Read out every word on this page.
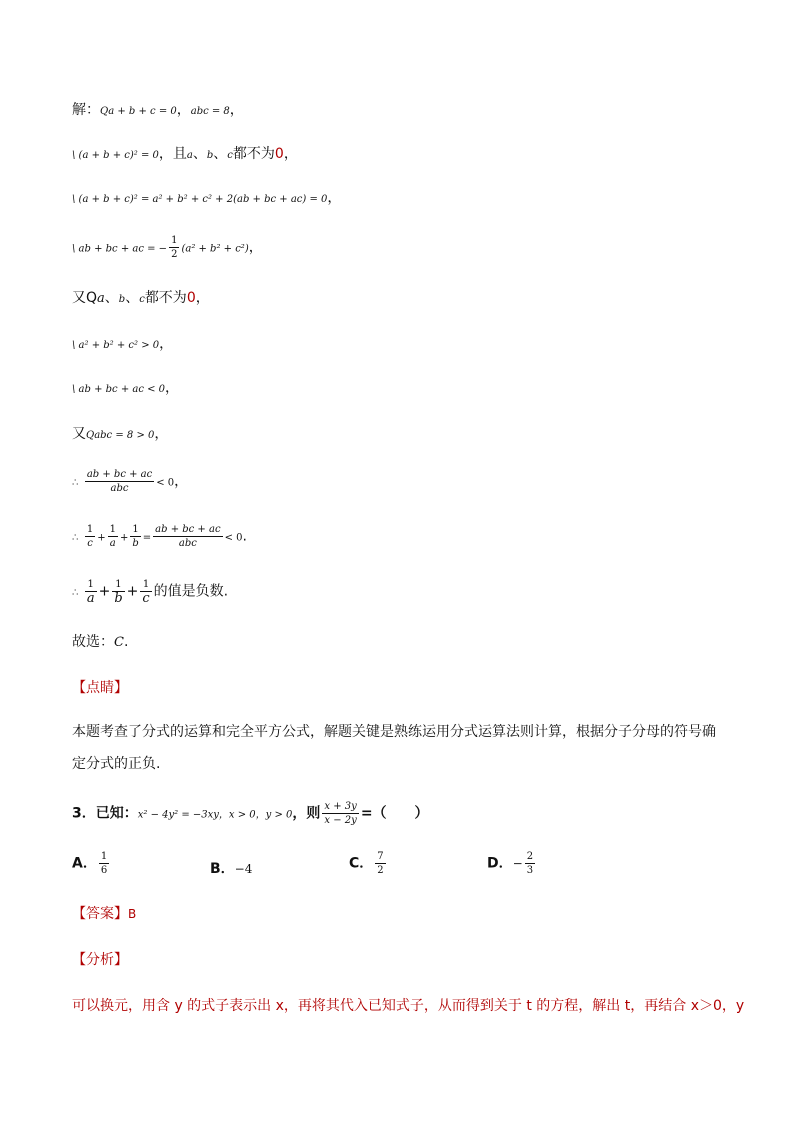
解：Qa + b + c = 0，abc = 8，
\ (a + b + c)² = 0，且a、b、c都不为0，
\ (a + b + c)² = a² + b² + c² + 2(ab + bc + ac) = 0，
\ ab + bc + ac = − $\frac{1}{2} (a^2 + b^2 + c^2)$，
又Qa、b、c都不为0，
\ a² + b² + c² > 0，
\ ab + bc + ac < 0，
又Qabc = 8 > 0，
∴ $\frac{ab + bc + ac}{\text{abc}} < 0$，
∴ $\frac{1}{c} + \frac{1}{a} + \frac{1}{b} = \frac{ab + bc + ac}{\text{abc}} < 0$.
∴ $\frac{1}{a} + \frac{1}{b} + \frac{1}{c}$ 的值是负数.
故选：C.
【点睛】
本题考查了分式的运算和完全平方公式，解题关键是熟练运用分式运算法则计算，根据分子分母的符号确
定分式的正负.
3．已知：x² − 4y² = −3xy，x > 0，y > 0，则 $\frac{x + 3y}{x - 2y}$ =（　　）
A． $\frac{1}{6}$	B．−4	C． $\frac{7}{2}$	D．− $\frac{2}{3}$
【答案】B
【分析】
可以换元，用含 y 的式子表示出 x，再将其代入已知式子，从而得到关于 t 的方程，解出 t，再结合 x＞0，y
